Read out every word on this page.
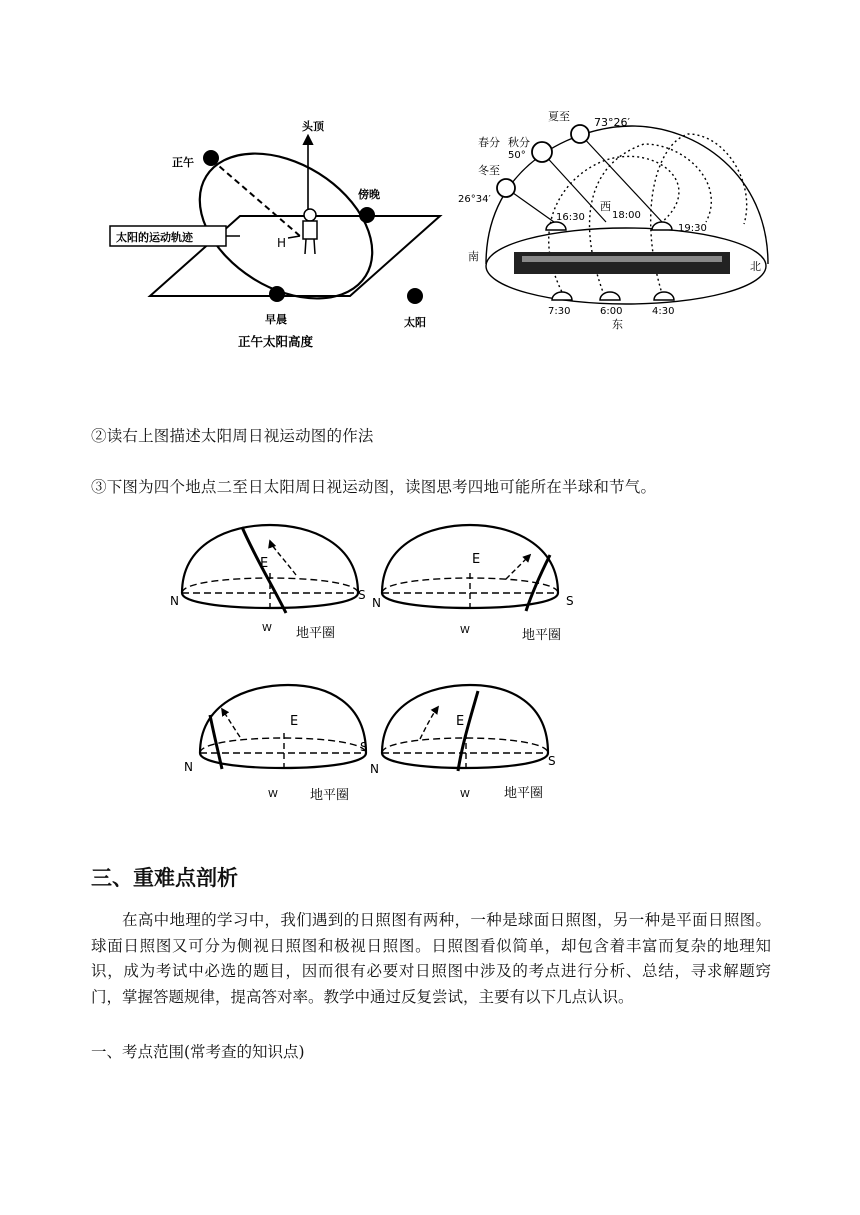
头顶
正午
傍晚
太阳的运动轨迹	H
早晨	太阳
正午太阳高度
夏至 73°26′
春分 秋分
50°
冬至
26°34′
西
16:30	18:00
19:30
南
北
7:30	6:00	4:30
东
②读右上图描述太阳周日视运动图的作法
③下图为四个地点二至日太阳周日视运动图，读图思考四地可能所在半球和节气。
E
N	S
W 地平圈
E
N	S
W	地平圈
E
N
S
W 地平圈
E
N
S
W	地平圈
三、重难点剖析

在高中地理的学习中，我们遇到的日照图有两种，一种是球面日照图，另一种是平面日照图。球面日照图又可分为侧视日照图和极视日照图。日照图看似简单，却包含着丰富而复杂的地理知识，成为考试中必选的题目，因而很有必要对日照图中涉及的考点进行分析、总结，寻求解题窍门，掌握答题规律，提高答对率。教学中通过反复尝试，主要有以下几点认识。

一、考点范围(常考查的知识点)
